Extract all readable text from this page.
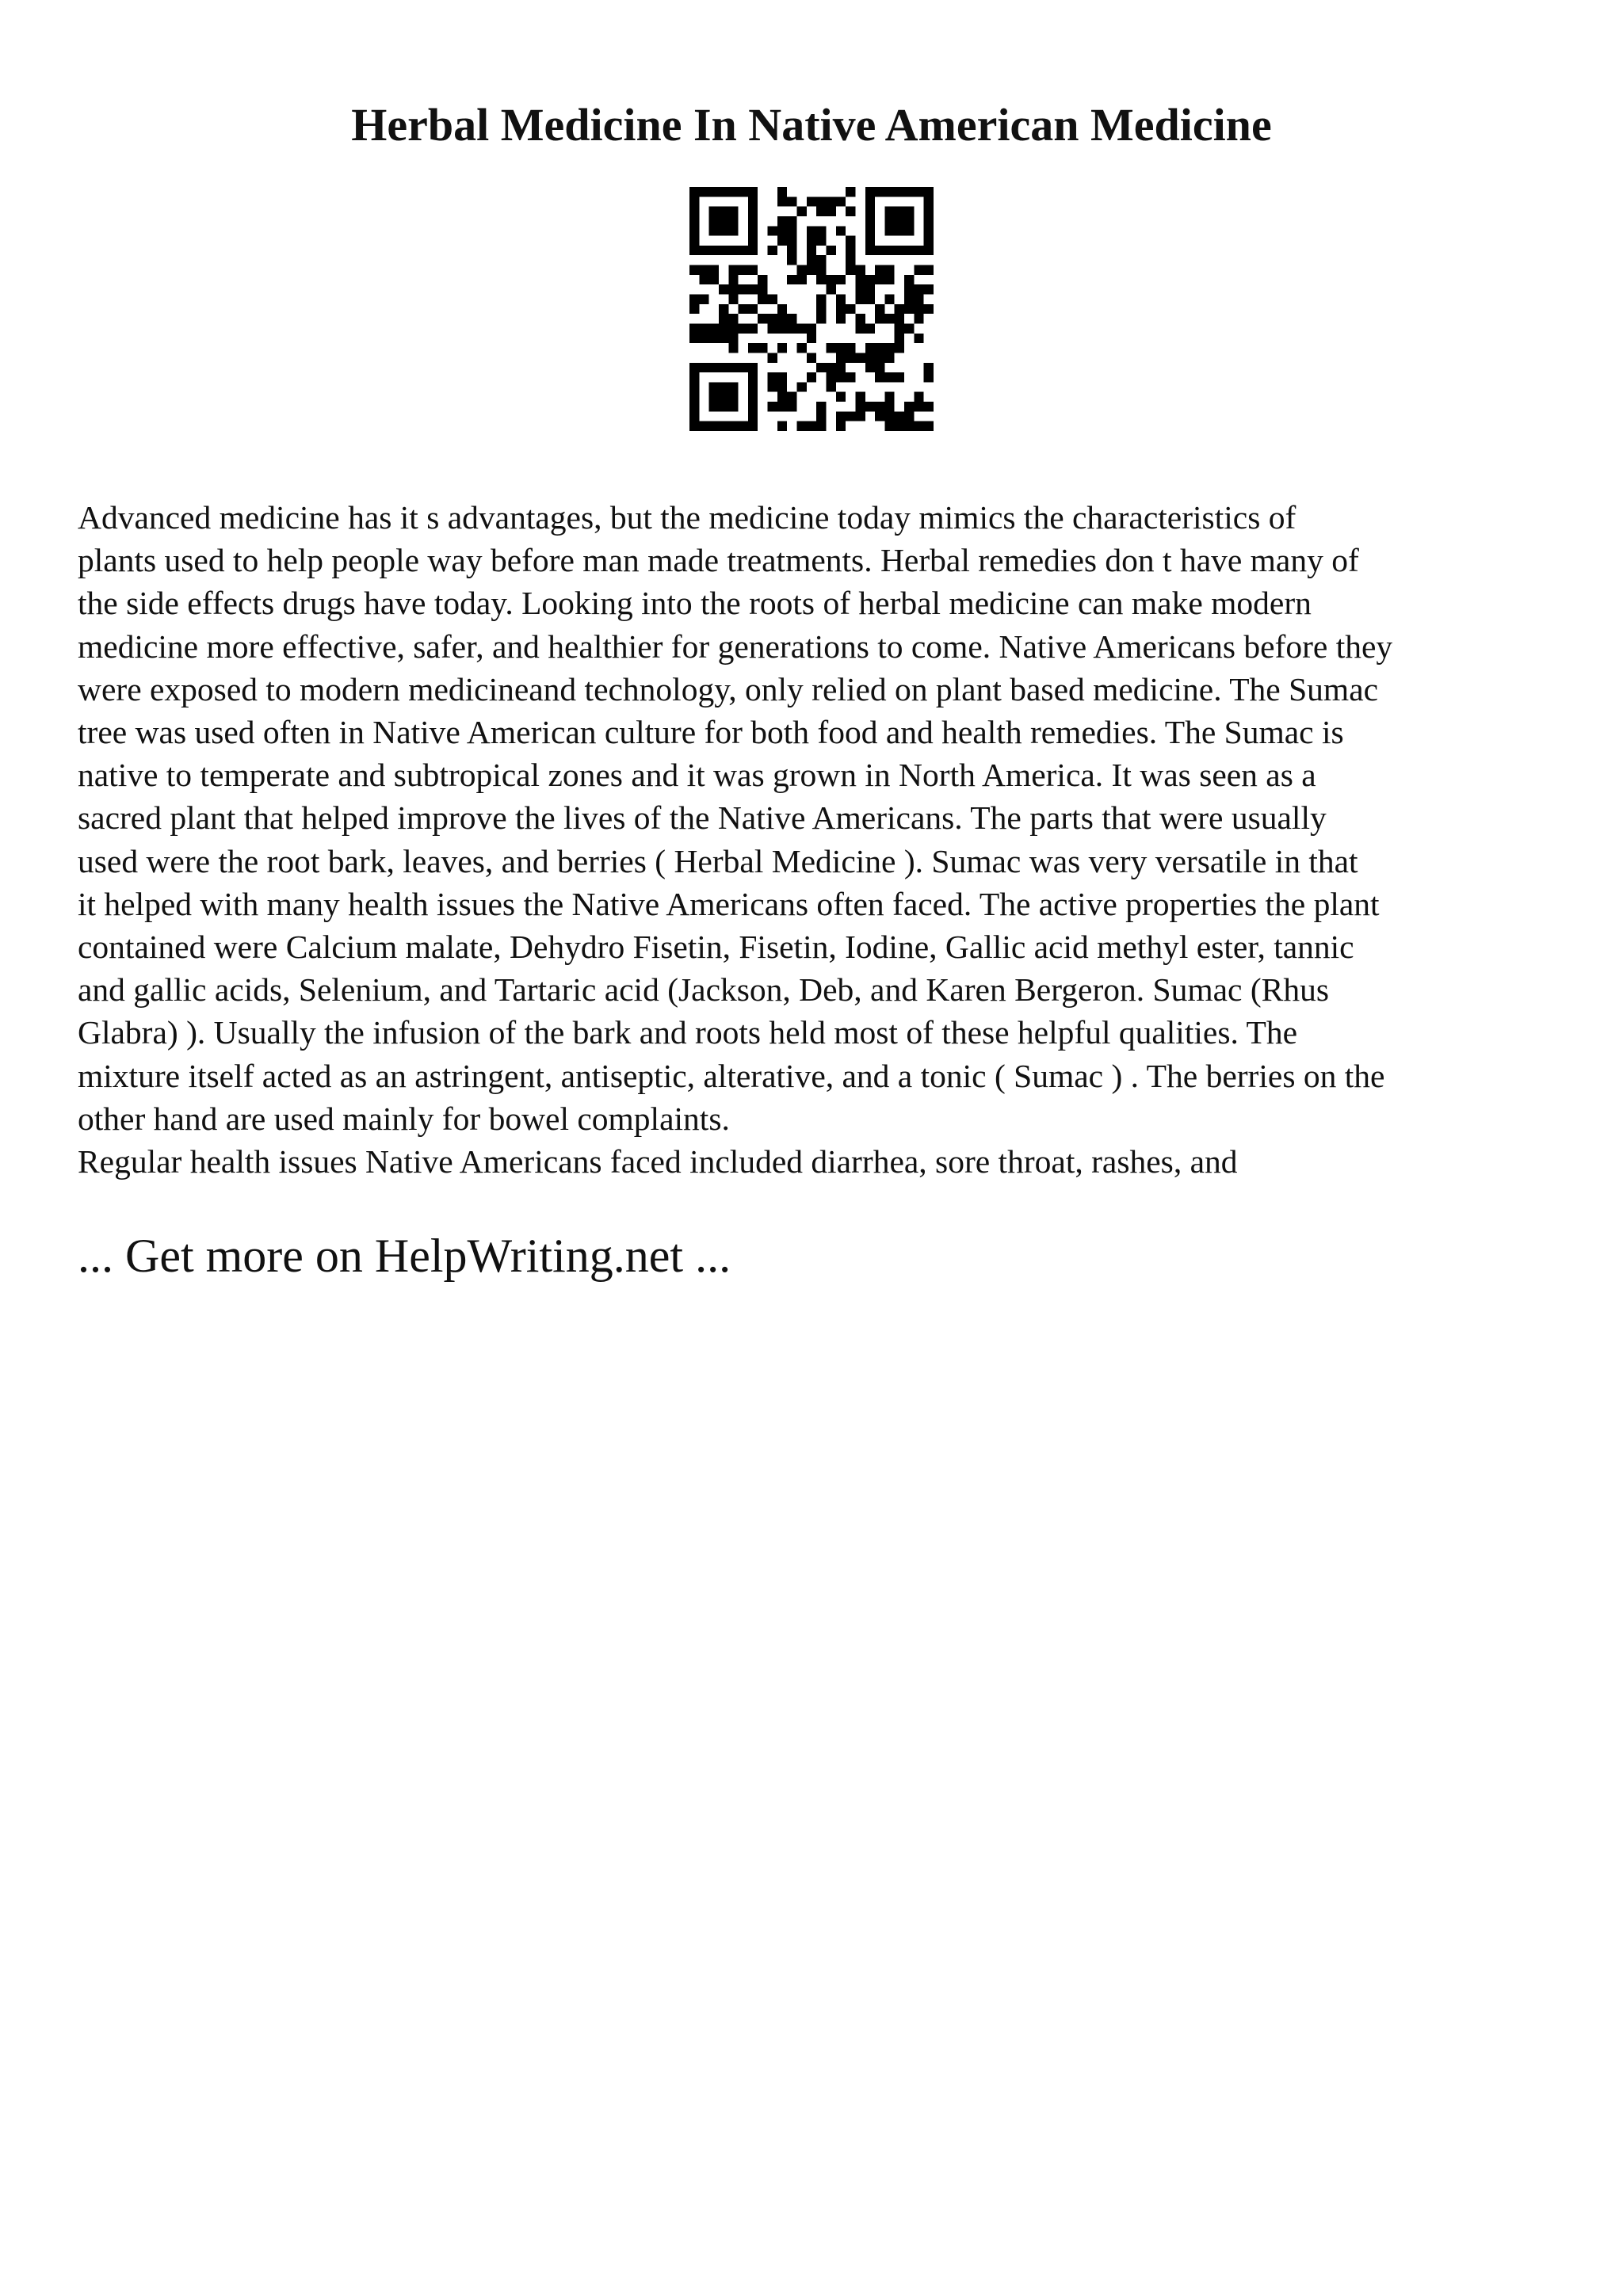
Herbal Medicine In Native American Medicine

Advanced medicine has it s advantages, but the medicine today mimics the characteristics of
plants used to help people way before man made treatments. Herbal remedies don t have many of
the side effects drugs have today. Looking into the roots of herbal medicine can make modern
medicine more effective, safer, and healthier for generations to come. Native Americans before they
were exposed to modern medicineand technology, only relied on plant based medicine. The Sumac
tree was used often in Native American culture for both food and health remedies. The Sumac is
native to temperate and subtropical zones and it was grown in North America. It was seen as a
sacred plant that helped improve the lives of the Native Americans. The parts that were usually
used were the root bark, leaves, and berries ( Herbal Medicine ). Sumac was very versatile in that
it helped with many health issues the Native Americans often faced. The active properties the plant
contained were Calcium malate, Dehydro Fisetin, Fisetin, Iodine, Gallic acid methyl ester, tannic
and gallic acids, Selenium, and Tartaric acid (Jackson, Deb, and Karen Bergeron. Sumac (Rhus
Glabra) ). Usually the infusion of the bark and roots held most of these helpful qualities. The
mixture itself acted as an astringent, antiseptic, alterative, and a tonic ( Sumac ) . The berries on the
other hand are used mainly for bowel complaints.

Regular health issues Native Americans faced included diarrhea, sore throat, rashes, and

... Get more on HelpWriting.net ...
